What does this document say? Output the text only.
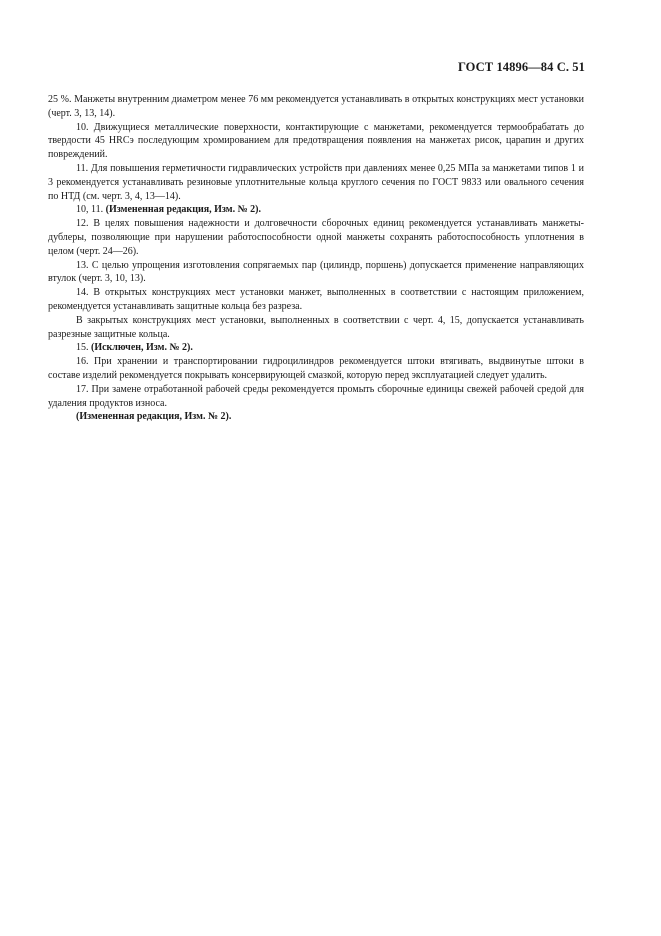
ГОСТ 14896—84 С. 51

25 %. Манжеты внутренним диаметром менее 76 мм рекомендуется устанавливать в открытых конструкциях мест установки (черт. 3, 13, 14).

10. Движущиеся металлические поверхности, контактирующие с манжетами, рекомендуется термообрабатать до твердости 45 HRCэ последующим хромированием для предотвращения появления на манжетах рисок, царапин и других повреждений.

11. Для повышения герметичности гидравлических устройств при давлениях менее 0,25 МПа за манжетами типов 1 и 3 рекомендуется устанавливать резиновые уплотнительные кольца круглого сечения по ГОСТ 9833 или овального сечения по НТД (см. черт. 3, 4, 13—14).

10, 11. (Измененная редакция, Изм. № 2).

12. В целях повышения надежности и долговечности сборочных единиц рекомендуется устанавливать манжеты-дублеры, позволяющие при нарушении работоспособности одной манжеты сохранять работоспособность уплотнения в целом (черт. 24—26).

13. С целью упрощения изготовления сопрягаемых пар (цилиндр, поршень) допускается применение направляющих втулок (черт. 3, 10, 13).

14. В открытых конструкциях мест установки манжет, выполненных в соответствии с настоящим приложением, рекомендуется устанавливать защитные кольца без разреза.

В закрытых конструкциях мест установки, выполненных в соответствии с черт. 4, 15, допускается устанавливать разрезные защитные кольца.

15. (Исключен, Изм. № 2).

16. При хранении и транспортировании гидроцилиндров рекомендуется штоки втягивать, выдвинутые штоки в составе изделий рекомендуется покрывать консервирующей смазкой, которую перед эксплуатацией следует удалить.

17. При замене отработанной рабочей среды рекомендуется промыть сборочные единицы свежей рабочей средой для удаления продуктов износа.

(Измененная редакция, Изм. № 2).
